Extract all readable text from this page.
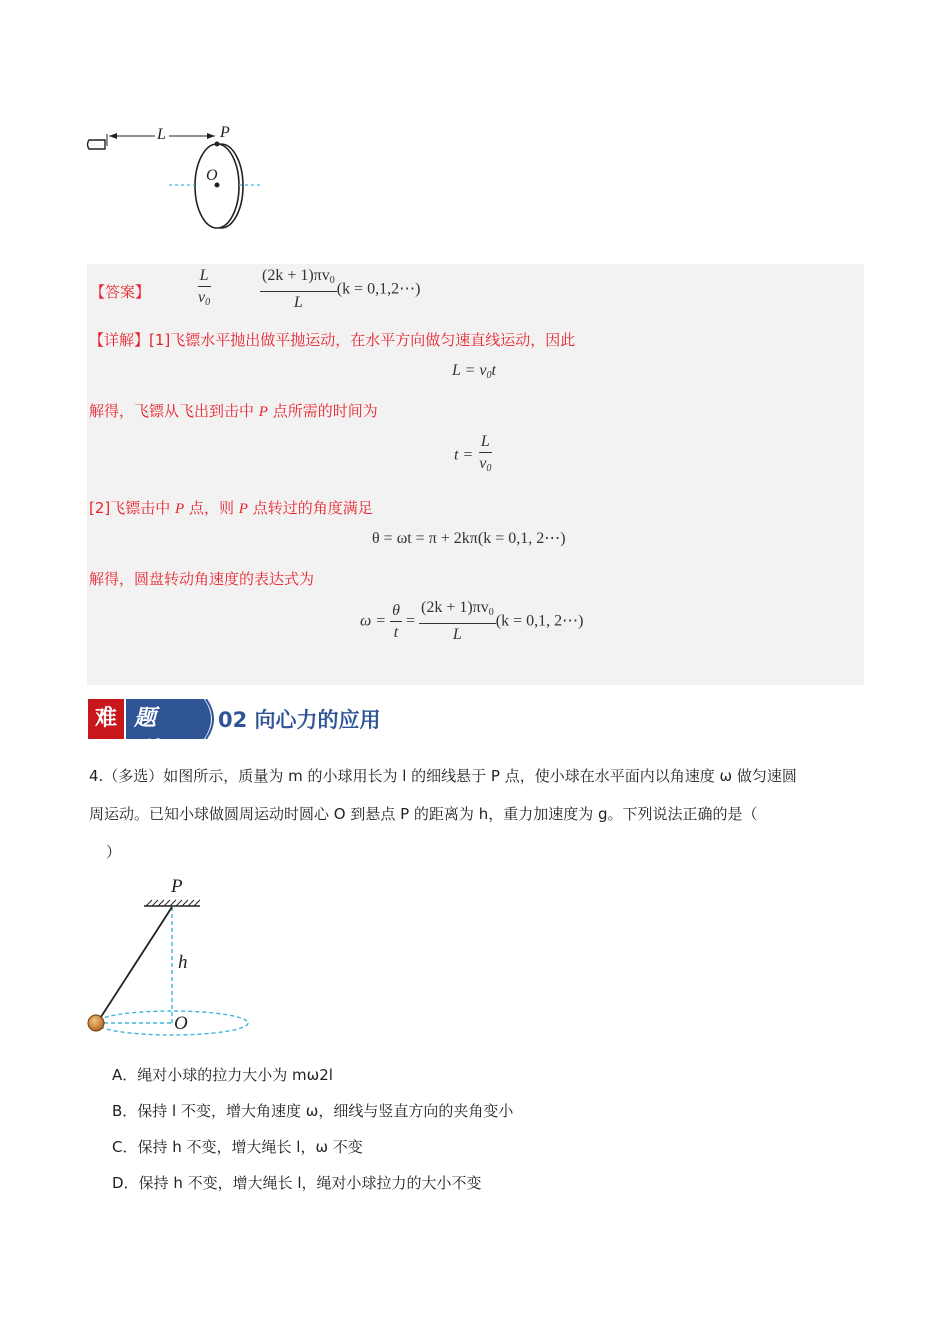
L	P
O
【答案】	$\frac{L}{v_0}$	$\frac{(2k + 1)\pi v_0}{L} (k$ = 0,1,2⋯)
【详解】[1]飞镖水平抛出做平抛运动，在水平方向做匀速直线运动，因此
$L = v_0t$
解得，飞镖从飞出到击中 P 点所需的时间为
$t = \frac{L}{v_0}$
[2]飞镖击中 P 点，则 P 点转过的角度满足
θ = ωt = π + 2kπ(k = 0,1, 2⋯)
解得，圆盘转动角速度的表达式为
$\omega = \frac{\theta}{t} = \frac{(2k + 1)\pi v_0}{L} (k = 0,1$, 2⋯)
难 题型
02 向心力的应用
4.（多选）如图所示，质量为 m 的小球用长为 l 的细线悬于 P 点，使小球在水平面内以角速度 ω 做匀速圆
周运动。已知小球做圆周运动时圆心 O 到悬点 P 的距离为 h，重力加速度为 g。下列说法正确的是（
）
P
h
O
A．绳对小球的拉力大小为 mω2l
B．保持 l 不变，增大角速度 ω，细线与竖直方向的夹角变小
C．保持 h 不变，增大绳长 l，ω 不变
D．保持 h 不变，增大绳长 l，绳对小球拉力的大小不变
